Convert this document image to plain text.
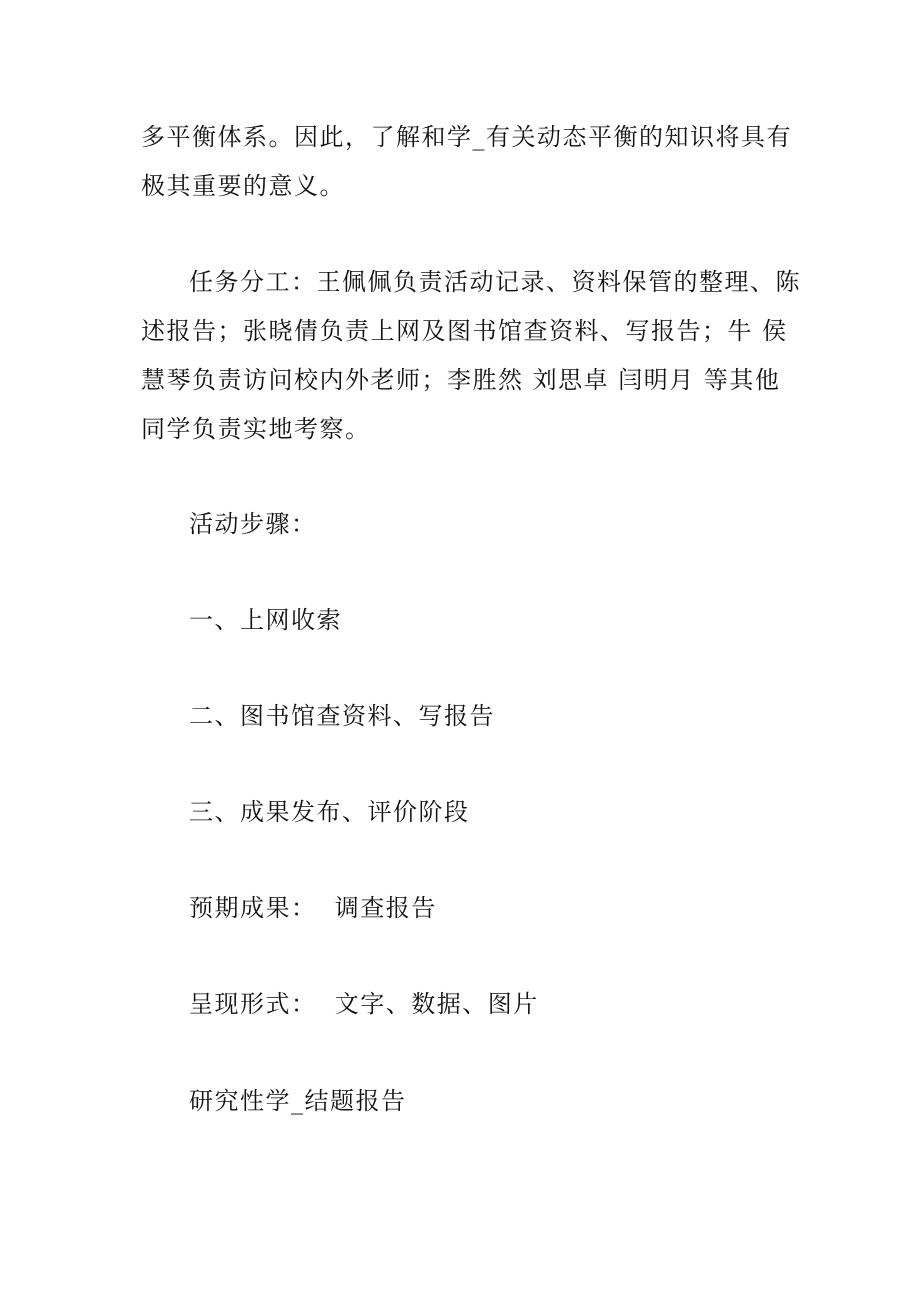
多平衡体系。因此，了解和学_有关动态平衡的知识将具有
极其重要的意义。

任务分工：王佩佩负责活动记录、资料保管的整理、陈
述报告；张晓倩负责上网及图书馆查资料、写报告；牛 侯
慧琴负责访问校内外老师；李胜然 刘思卓 闫明月 等其他
同学负责实地考察。

活动步骤：

一、上网收索

二、图书馆查资料、写报告

三、成果发布、评价阶段

预期成果：  调查报告

呈现形式：  文字、数据、图片

研究性学_结题报告
